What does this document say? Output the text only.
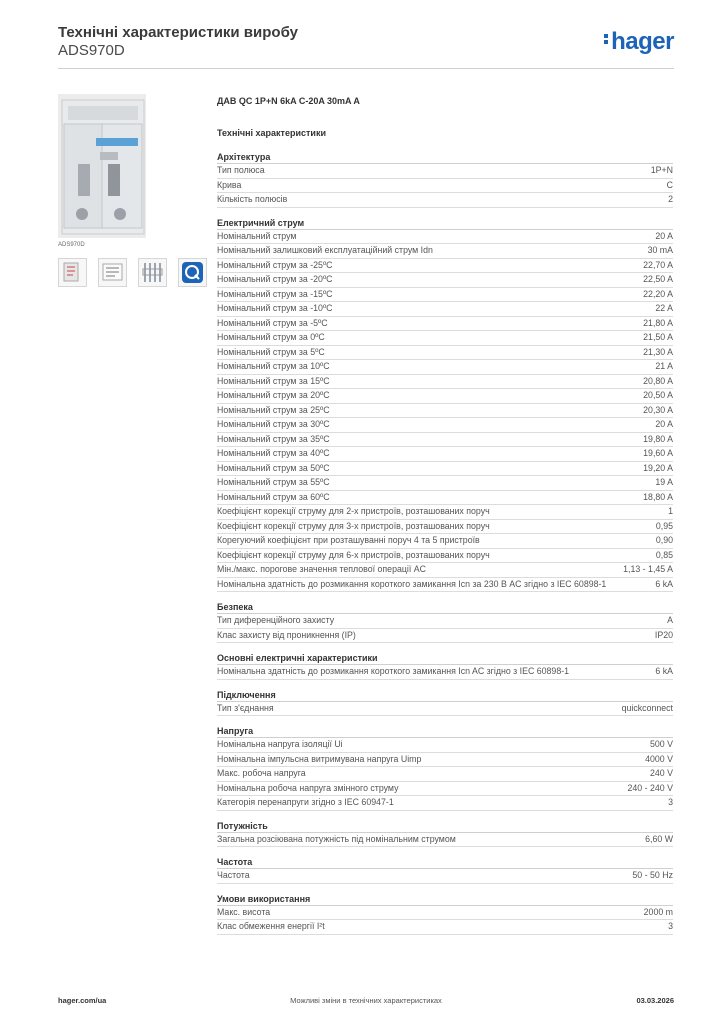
Технічні характеристики виробу
ADS970D	hager
ADS970D
ДАВ QC 1P+N 6kA C-20A 30mA A
Технічні характеристики
Архітектура
Тип полюса	1P+N
Крива	C
Кількість полюсів	2
Електричний струм
Номінальний струм	20 A
Номінальний залишковий експлуатаційний струм Idn	30 mA
Номінальний струм за -25ºC	22,70 A
Номінальний струм за -20ºC	22,50 A
Номінальний струм за -15ºC	22,20 A
Номінальний струм за -10ºC	22 A
Номінальний струм за -5ºC	21,80 A
Номінальний струм за 0ºC	21,50 A
Номінальний струм за 5ºC	21,30 A
Номінальний струм за 10ºC	21 A
Номінальний струм за 15ºC	20,80 A
Номінальний струм за 20ºC	20,50 A
Номінальний струм за 25ºC	20,30 A
Номінальний струм за 30ºC	20 A
Номінальний струм за 35ºC	19,80 A
Номінальний струм за 40ºC	19,60 A
Номінальний струм за 50ºC	19,20 A
Номінальний струм за 55ºC	19 A
Номінальний струм за 60ºC	18,80 A
Коефіцієнт корекції струму для 2-х пристроїв, розташованих поруч	1
Коефіцієнт корекції струму для 3-х пристроїв, розташованих поруч	0,95
Корегуючий коефіцієнт при розташуванні поруч 4 та 5 пристроїв	0,90
Коефіцієнт корекції струму для 6-х пристроїв, розташованих поруч	0,85
Мін./макс. порогове значення теплової операції AC	1,13 - 1,45 A
Номінальна здатність до розмикання короткого замикання Icn за 230 В AC згідно з IEC 60898-1	6 kA
Безпека
Тип диференційного захисту	A
Клас захисту від проникнення (IP)	IP20
Основні електричні характеристики
Номінальна здатність до розмикання короткого замикання Icn AC згідно з IEC 60898-1	6 kA
Підключення
Тип з'єднання	quickconnect
Напруга
Номінальна напруга ізоляції Ui	500 V
Номінальна імпульсна витримувана напруга Uimp	4000 V
Макс. робоча напруга	240 V
Номінальна робоча напруга змінного струму	240 - 240 V
Категорія перенапруги згідно з IEC 60947-1	3
Потужність
Загальна розсіювана потужність під номінальним струмом	6,60 W
Частота
Частота	50 - 50 Hz
Умови використання
Макс. висота	2000 m
Клас обмеження енергії I²t	3
Можливі зміни в технічних характеристиках
hager.com/ua	03.03.2026
